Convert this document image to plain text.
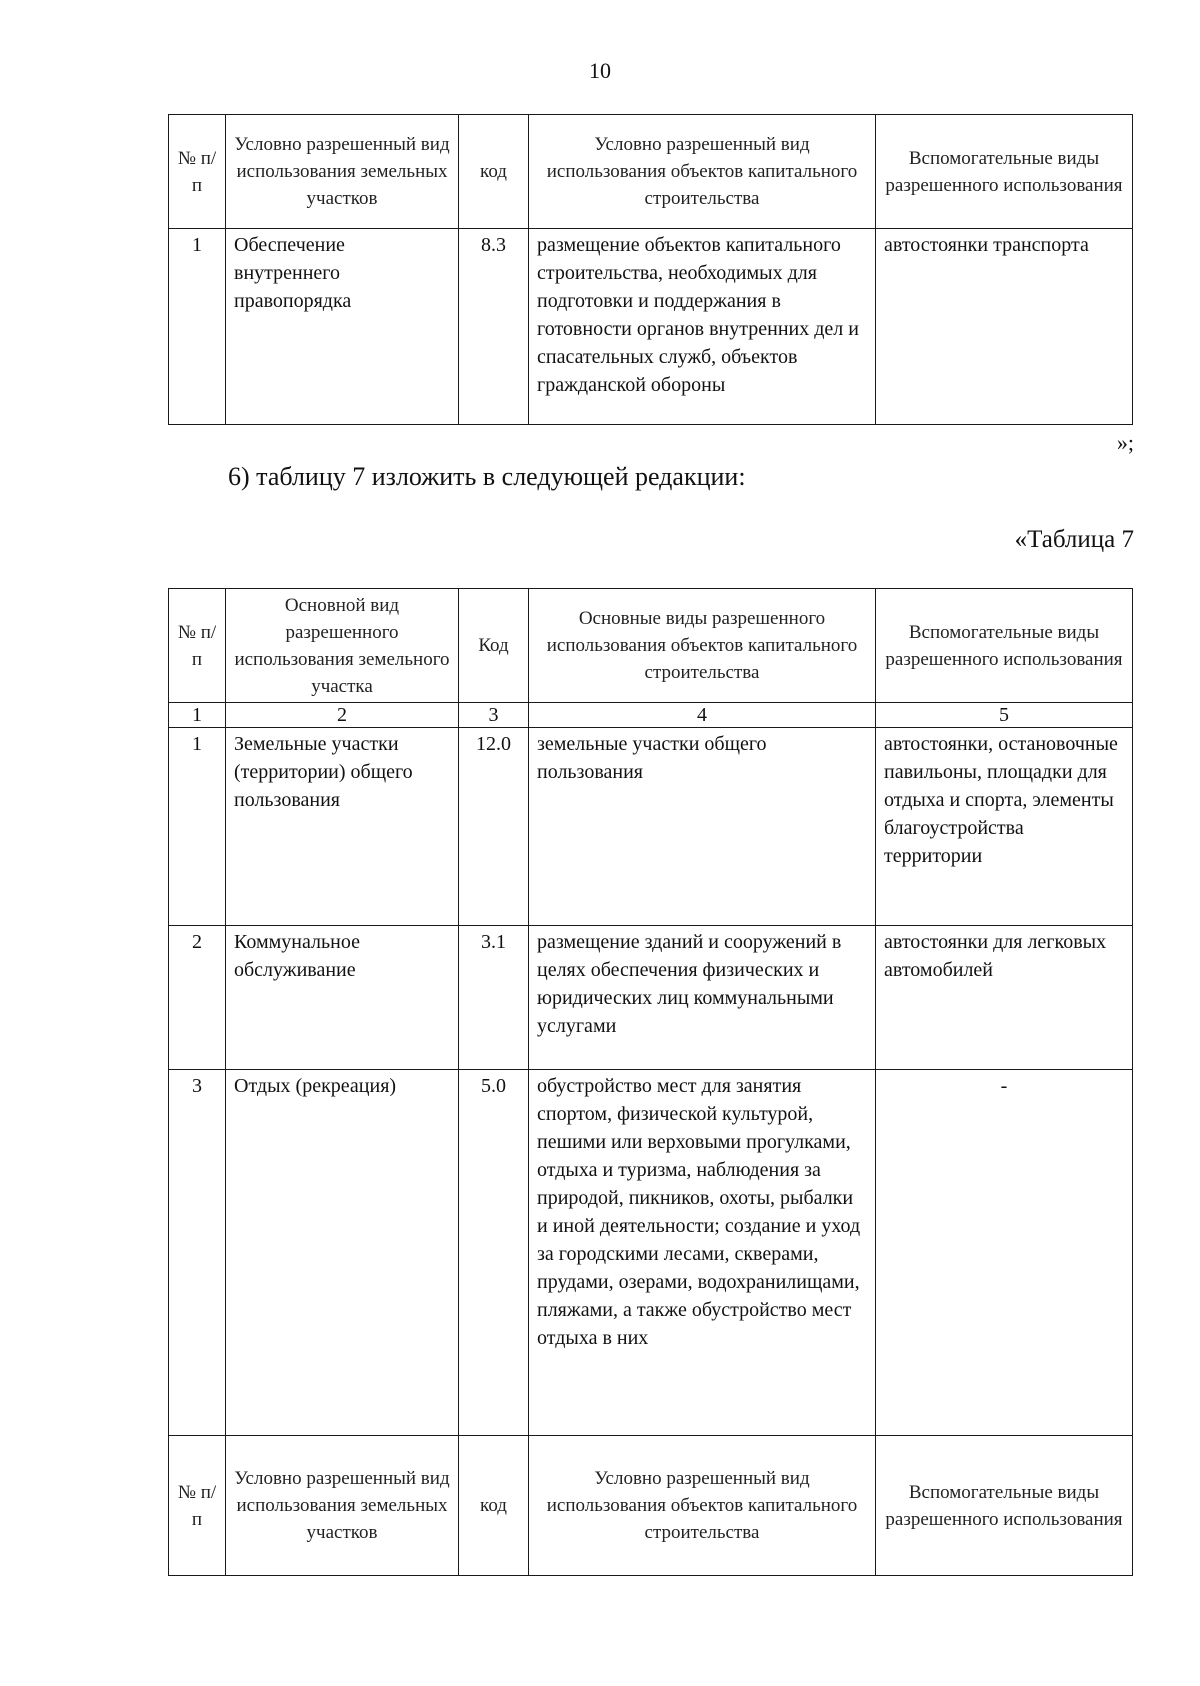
10
№ п/п	Условно разрешенный вид использования земельных участков	код	Условно разрешенный вид использования объектов капитального строительства	Вспомогательные виды разрешенного использования
1	Обеспечение внутреннего правопорядка	8.3	размещение объектов капитального строительства, необходимых для подготовки и поддержания в готовности органов внутренних дел и спасательных служб, объектов гражданской обороны	автостоянки транспорта
»;
6) таблицу 7 изложить в следующей редакции:
«Таблица 7
№ п/п	Основной вид разрешенного использования земельного участка	Код	Основные виды разрешенного использования объектов капитального строительства	Вспомогательные виды разрешенного использования
1	2	3	4	5
1	Земельные участки (территории) общего пользования	12.0	земельные участки общего пользования	автостоянки, остановочные павильоны, площадки для отдыха и спорта, элементы благоустройства территории
2	Коммунальное обслуживание	3.1	размещение зданий и сооружений в целях обеспечения физических и юридических лиц коммунальными услугами	автостоянки для легковых автомобилей
3	Отдых (рекреация)	5.0	обустройство мест для занятия спортом, физической культурой, пешими или верховыми прогулками, отдыха и туризма, наблюдения за природой, пикников, охоты, рыбалки и иной деятельности; создание и уход за городскими лесами, скверами, прудами, озерами, водохранилищами, пляжами, а также обустройство мест отдыха в них	-
№ п/п	Условно разрешенный вид использования земельных участков	код	Условно разрешенный вид использования объектов капитального строительства	Вспомогательные виды разрешенного использования
